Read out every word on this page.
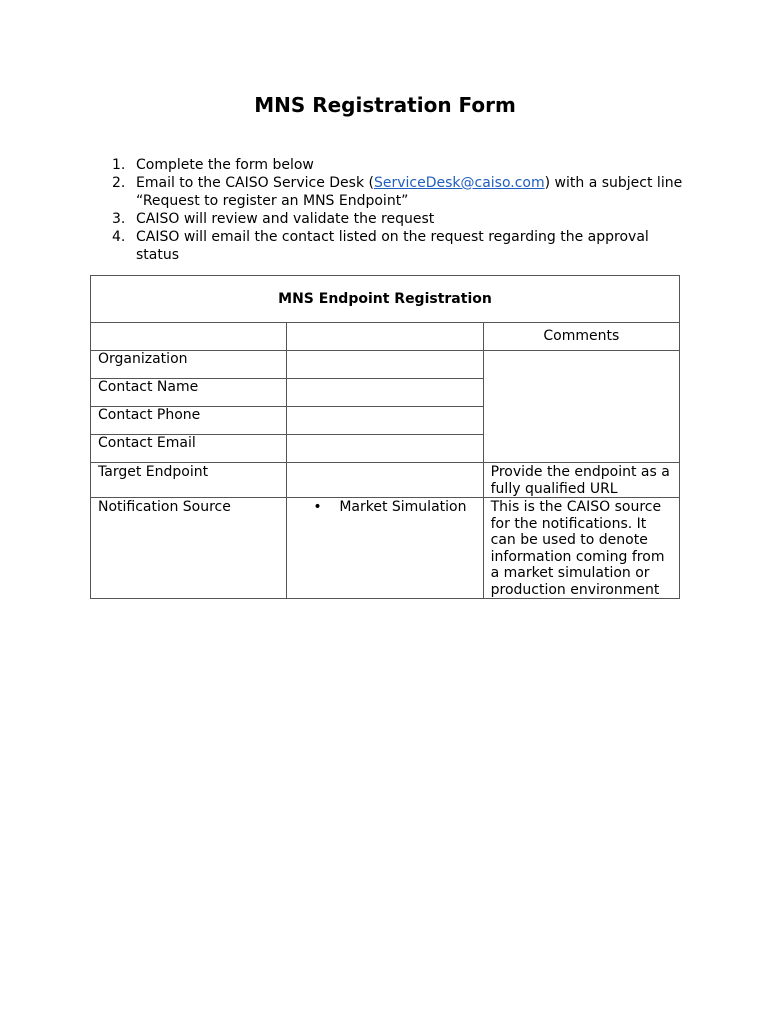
MNS Registration Form
1. Complete the form below
2. Email to the CAISO Service Desk (ServiceDesk@caiso.com) with a subject line “Request to register an MNS Endpoint”
3. CAISO will review and validate the request
4. CAISO will email the contact listed on the request regarding the approval status
MNS Endpoint Registration		
		Comments
Organization		
Contact Name		
Contact Phone		
Contact Email		
Target Endpoint		Provide the endpoint as a fully qualified URL
Notification Source	• Market Simulation	This is the CAISO source for the notifications. It can be used to denote information coming from a market simulation or production environment
